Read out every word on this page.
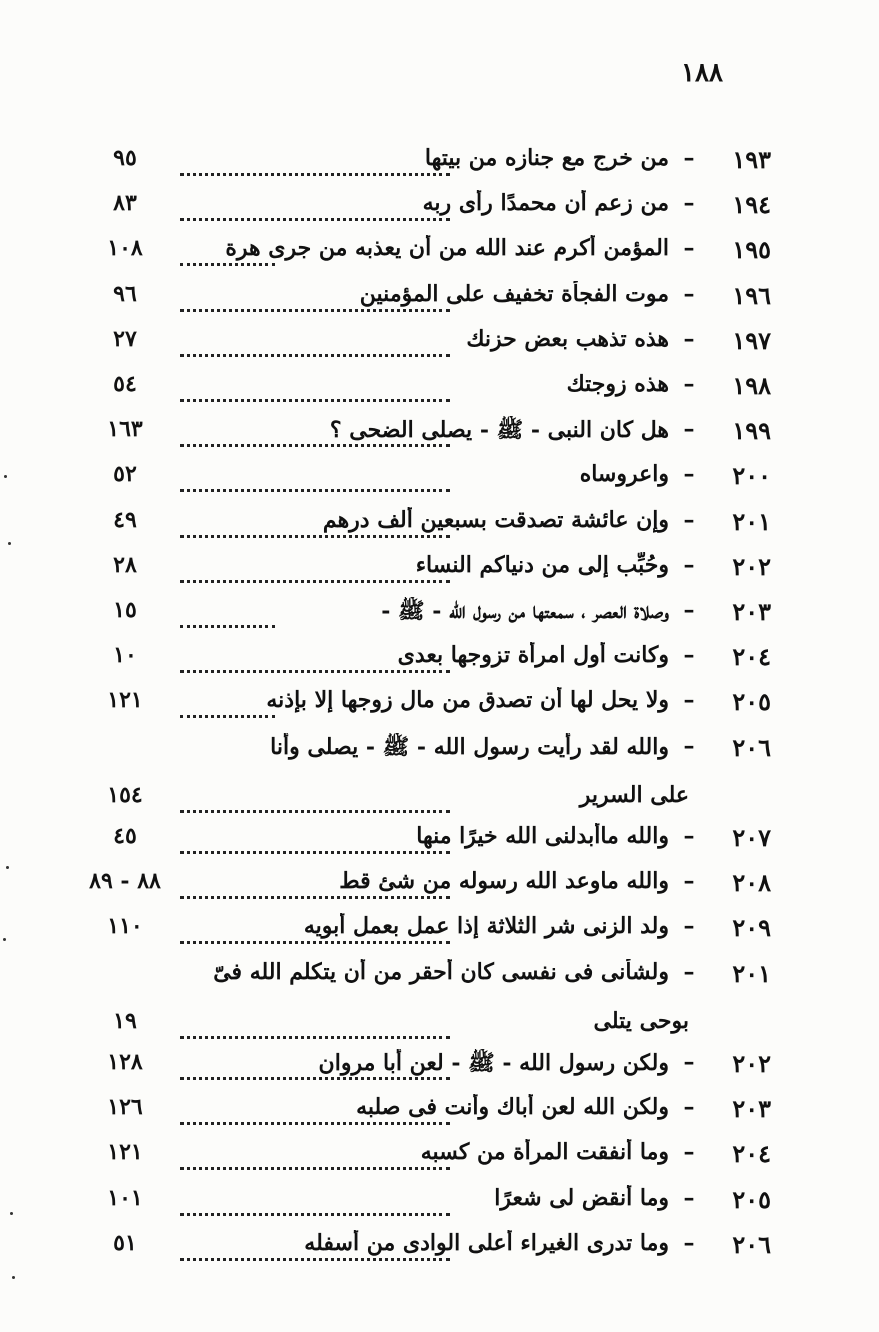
١٨٨
١٩٣
–
من خرج مع جنازه من بيتها
٩٥
١٩٤
–
من زعم أن محمدًا رأى ربه
٨٣
١٩٥
–
المؤمن أكرم عند الله من أن يعذبه من جرى هرة
١٠٨
١٩٦
–
موت الفجأة تخفيف على المؤمنين
٩٦
١٩٧
–
هذه تذهب بعض حزنك
٢٧
١٩٨
–
هذه زوجتك
٥٤
١٩٩
–
هل كان النبى - ﷺ - يصلى الضحى ؟
١٦٣
٢٠٠
–
واعروساه
٥٢
٢٠١
–
وإن عائشة تصدقت بسبعين ألف درهم
٤٩
٢٠٢
–
وحُبِّب إلى من دنياكم النساء
٢٨
٢٠٣
–
وصلاة العصر ، سمعتها من رسول الله - ﷺ -
١٥
٢٠٤
–
وكانت أول امرأة تزوجها بعدى
١٠
٢٠٥
–
ولا يحل لها أن تصدق من مال زوجها إلا بإذنه
١٢١
٢٠٦
–
والله لقد رأيت رسول الله - ﷺ - يصلى وأنا
على السرير
١٥٤
٢٠٧
–
والله ماأبدلنى الله خيرًا منها
٤٥
٢٠٨
–
والله ماوعد الله رسوله من شئ قط
٨٨ - ٨٩
٢٠٩
–
ولد الزنى شر الثلاثة إذا عمل بعمل أبويه
١١٠
٢٠١
–
ولشأنى فى نفسى كان أحقر من أن يتكلم الله فىّ
بوحى يتلى
١٩
٢٠٢
–
ولكن رسول الله - ﷺ - لعن أبا مروان
١٢٨
٢٠٣
–
ولكن الله لعن أباك وأنت فى صلبه
١٢٦
٢٠٤
–
وما أنفقت المرأة من كسبه
١٢١
٢٠٥
–
وما أنقض لى شعرًا
١٠١
٢٠٦
–
وما تدرى الغيراء أعلى الوادى من أسفله
٥١
